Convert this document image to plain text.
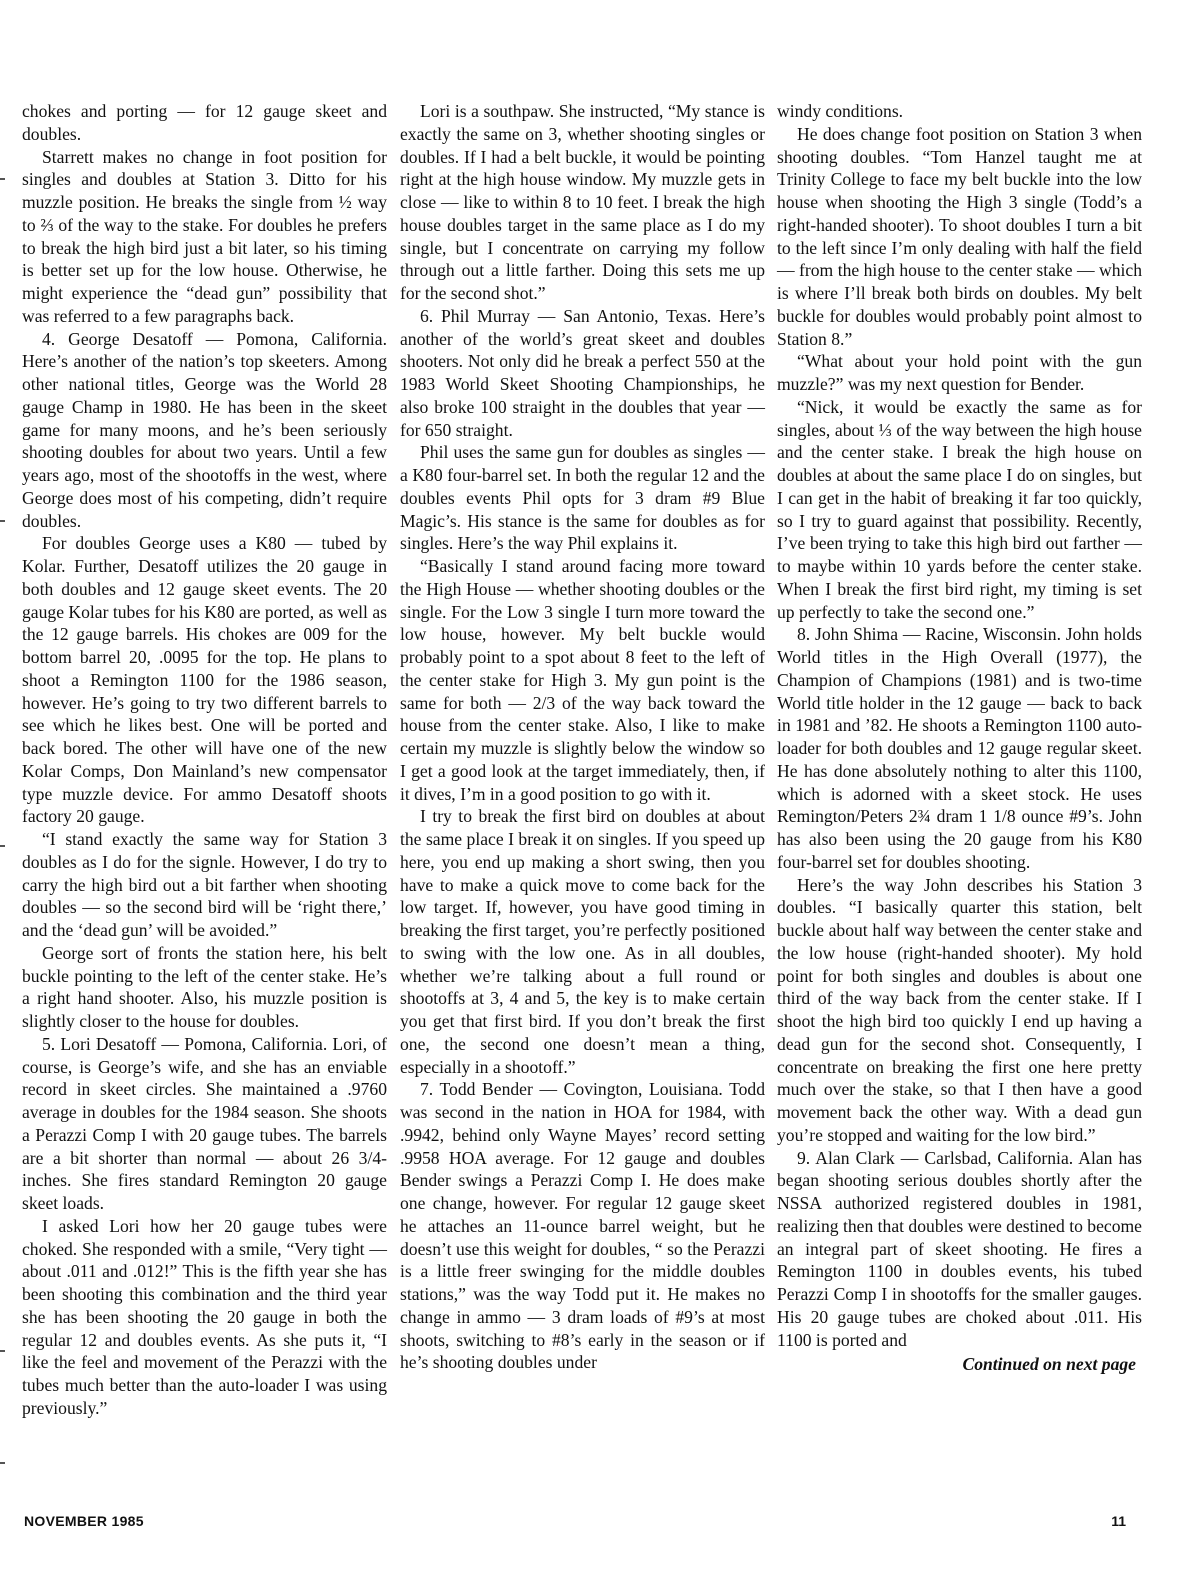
chokes and porting — for 12 gauge skeet and doubles.

Starrett makes no change in foot position for singles and doubles at Station 3. Ditto for his muzzle position. He breaks the single from ½ way to ⅔ of the way to the stake. For doubles he prefers to break the high bird just a bit later, so his timing is better set up for the low house. Otherwise, he might experience the “dead gun” possibility that was referred to a few paragraphs back.

4. George Desatoff — Pomona, California. Here’s another of the nation’s top skeeters. Among other national titles, George was the World 28 gauge Champ in 1980. He has been in the skeet game for many moons, and he’s been seriously shooting doubles for about two years. Until a few years ago, most of the shootoffs in the west, where George does most of his competing, didn’t require doubles.

For doubles George uses a K80 — tubed by Kolar. Further, Desatoff utilizes the 20 gauge in both doubles and 12 gauge skeet events. The 20 gauge Kolar tubes for his K80 are ported, as well as the 12 gauge barrels. His chokes are 009 for the bottom barrel 20, .0095 for the top. He plans to shoot a Remington 1100 for the 1986 season, however. He’s going to try two different barrels to see which he likes best. One will be ported and back bored. The other will have one of the new Kolar Comps, Don Mainland’s new compensator type muzzle device. For ammo Desatoff shoots factory 20 gauge.

“I stand exactly the same way for Station 3 doubles as I do for the signle. However, I do try to carry the high bird out a bit farther when shooting doubles — so the second bird will be ‘right there,’ and the ‘dead gun’ will be avoided.”

George sort of fronts the station here, his belt buckle pointing to the left of the center stake. He’s a right hand shooter. Also, his muzzle position is slightly closer to the house for doubles.

5. Lori Desatoff — Pomona, California. Lori, of course, is George’s wife, and she has an enviable record in skeet circles. She maintained a .9760 average in doubles for the 1984 season. She shoots a Perazzi Comp I with 20 gauge tubes. The barrels are a bit shorter than normal — about 26 3/4-inches. She fires standard Remington 20 gauge skeet loads.

I asked Lori how her 20 gauge tubes were choked. She responded with a smile, “Very tight — about .011 and .012!” This is the fifth year she has been shooting this combination and the third year she has been shooting the 20 gauge in both the regular 12 and doubles events. As she puts it, “I like the feel and movement of the Perazzi with the tubes much better than the auto-loader I was using previously.”

Lori is a southpaw. She instructed, “My stance is exactly the same on 3, whether shooting singles or doubles. If I had a belt buckle, it would be pointing right at the high house window. My muzzle gets in close — like to within 8 to 10 feet. I break the high house doubles target in the same place as I do my single, but I concentrate on carrying my follow through out a little farther. Doing this sets me up for the second shot.”

6. Phil Murray — San Antonio, Texas. Here’s another of the world’s great skeet and doubles shooters. Not only did he break a perfect 550 at the 1983 World Skeet Shooting Championships, he also broke 100 straight in the doubles that year — for 650 straight.

Phil uses the same gun for doubles as singles — a K80 four-barrel set. In both the regular 12 and the doubles events Phil opts for 3 dram #9 Blue Magic’s. His stance is the same for doubles as for singles. Here’s the way Phil explains it.

“Basically I stand around facing more toward the High House — whether shooting doubles or the single. For the Low 3 single I turn more toward the low house, however. My belt buckle would probably point to a spot about 8 feet to the left of the center stake for High 3. My gun point is the same for both — 2/3 of the way back toward the house from the center stake. Also, I like to make certain my muzzle is slightly below the window so I get a good look at the target immediately, then, if it dives, I’m in a good position to go with it.

I try to break the first bird on doubles at about the same place I break it on singles. If you speed up here, you end up making a short swing, then you have to make a quick move to come back for the low target. If, however, you have good timing in breaking the first target, you’re perfectly positioned to swing with the low one. As in all doubles, whether we’re talking about a full round or shootoffs at 3, 4 and 5, the key is to make certain you get that first bird. If you don’t break the first one, the second one doesn’t mean a thing, especially in a shootoff.”

7. Todd Bender — Covington, Louisiana. Todd was second in the nation in HOA for 1984, with .9942, behind only Wayne Mayes’ record setting .9958 HOA average. For 12 gauge and doubles Bender swings a Perazzi Comp I. He does make one change, however. For regular 12 gauge skeet he attaches an 11-ounce barrel weight, but he doesn’t use this weight for doubles, “ so the Perazzi is a little freer swinging for the middle doubles stations,” was the way Todd put it. He makes no change in ammo — 3 dram loads of #9’s at most shoots, switching to #8’s early in the season or if he’s shooting doubles under

windy conditions.

He does change foot position on Station 3 when shooting doubles. “Tom Hanzel taught me at Trinity College to face my belt buckle into the low house when shooting the High 3 single (Todd’s a right-handed shooter). To shoot doubles I turn a bit to the left since I’m only dealing with half the field — from the high house to the center stake — which is where I’ll break both birds on doubles. My belt buckle for doubles would probably point almost to Station 8.”

“What about your hold point with the gun muzzle?” was my next question for Bender.

“Nick, it would be exactly the same as for singles, about ⅓ of the way between the high house and the center stake. I break the high house on doubles at about the same place I do on singles, but I can get in the habit of breaking it far too quickly, so I try to guard against that possibility. Recently, I’ve been trying to take this high bird out farther — to maybe within 10 yards before the center stake. When I break the first bird right, my timing is set up perfectly to take the second one.”

8. John Shima — Racine, Wisconsin. John holds World titles in the High Overall (1977), the Champion of Champions (1981) and is two-time World title holder in the 12 gauge — back to back in 1981 and ’82. He shoots a Remington 1100 auto-loader for both doubles and 12 gauge regular skeet. He has done absolutely nothing to alter this 1100, which is adorned with a skeet stock. He uses Remington/Peters 2¾ dram 1 1/8 ounce #9’s. John has also been using the 20 gauge from his K80 four-barrel set for doubles shooting.

Here’s the way John describes his Station 3 doubles. “I basically quarter this station, belt buckle about half way between the center stake and the low house (right-handed shooter). My hold point for both singles and doubles is about one third of the way back from the center stake. If I shoot the high bird too quickly I end up having a dead gun for the second shot. Consequently, I concentrate on breaking the first one here pretty much over the stake, so that I then have a good movement back the other way. With a dead gun you’re stopped and waiting for the low bird.”

9. Alan Clark — Carlsbad, California. Alan has began shooting serious doubles shortly after the NSSA authorized registered doubles in 1981, realizing then that doubles were destined to become an integral part of skeet shooting. He fires a Remington 1100 in doubles events, his tubed Perazzi Comp I in shootoffs for the smaller gauges. His 20 gauge tubes are choked about .011. His 1100 is ported and

Continued on next page
NOVEMBER 1985	11
